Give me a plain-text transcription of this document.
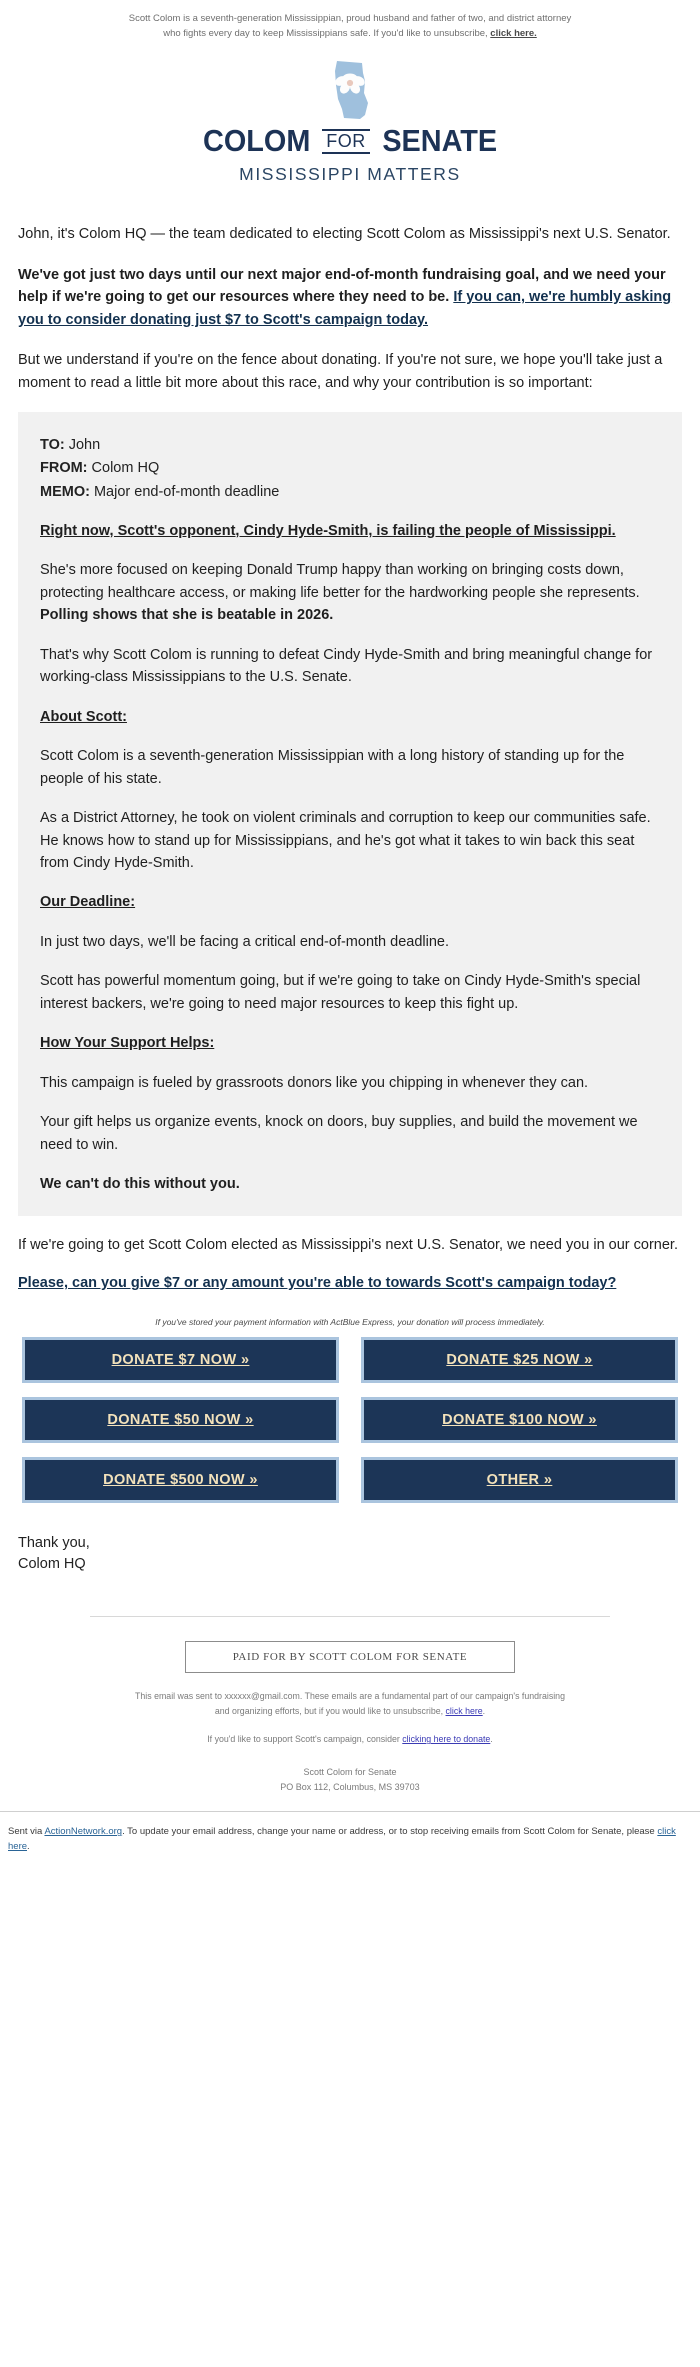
Scott Colom is a seventh-generation Mississippian, proud husband and father of two, and district attorney who fights every day to keep Mississippians safe. If you'd like to unsubscribe, click here.
COLOM FOR SENATE
MISSISSIPPI MATTERS

John, it's Colom HQ — the team dedicated to electing Scott Colom as Mississippi's next U.S. Senator.

We've got just two days until our next major end-of-month fundraising goal, and we need your help if we're going to get our resources where they need to be. If you can, we're humbly asking you to consider donating just $7 to Scott's campaign today.

But we understand if you're on the fence about donating. If you're not sure, we hope you'll take just a moment to read a little bit more about this race, and why your contribution is so important:

TO: John
FROM: Colom HQ
MEMO: Major end-of-month deadline

Right now, Scott's opponent, Cindy Hyde-Smith, is failing the people of Mississippi.

She's more focused on keeping Donald Trump happy than working on bringing costs down, protecting healthcare access, or making life better for the hardworking people she represents. Polling shows that she is beatable in 2026.

That's why Scott Colom is running to defeat Cindy Hyde-Smith and bring meaningful change for working-class Mississippians to the U.S. Senate.

About Scott:

Scott Colom is a seventh-generation Mississippian with a long history of standing up for the people of his state.

As a District Attorney, he took on violent criminals and corruption to keep our communities safe. He knows how to stand up for Mississippians, and he's got what it takes to win back this seat from Cindy Hyde-Smith.

Our Deadline:

In just two days, we'll be facing a critical end-of-month deadline.

Scott has powerful momentum going, but if we're going to take on Cindy Hyde-Smith's special interest backers, we're going to need major resources to keep this fight up.

How Your Support Helps:

This campaign is fueled by grassroots donors like you chipping in whenever they can.

Your gift helps us organize events, knock on doors, buy supplies, and build the movement we need to win.

We can't do this without you.

If we're going to get Scott Colom elected as Mississippi's next U.S. Senator, we need you in our corner.

Please, can you give $7 or any amount you're able to towards Scott's campaign today?

If you've stored your payment information with ActBlue Express, your donation will process immediately.
DONATE $7 NOW »	DONATE $25 NOW »
DONATE $50 NOW »	DONATE $100 NOW »
DONATE $500 NOW »	OTHER »
Thank you,
Colom HQ
PAID FOR BY SCOTT COLOM FOR SENATE

This email was sent to xxxxxx@gmail.com. These emails are a fundamental part of our campaign's fundraising and organizing efforts, but if you would like to unsubscribe, click here.

If you'd like to support Scott's campaign, consider clicking here to donate.

Scott Colom for Senate
PO Box 112, Columbus, MS 39703
Sent via ActionNetwork.org. To update your email address, change your name or address, or to stop receiving emails from Scott Colom for Senate, please click here.
